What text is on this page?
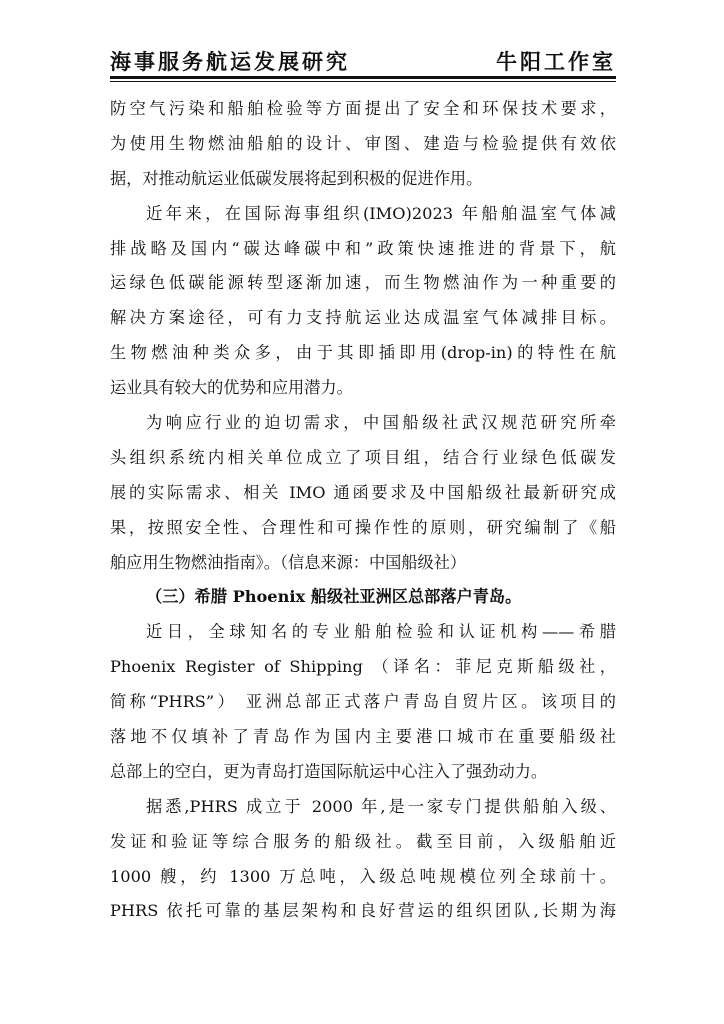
海事服务航运发展研究	牛阳工作室
防空气污染和船舶检验等方面提出了安全和环保技术要求，
为使用生物燃油船舶的设计、审图、建造与检验提供有效依
据，对推动航运业低碳发展将起到积极的促进作用。
近年来，在国际海事组织(IMO)2023 年船舶温室气体减
排战略及国内“碳达峰碳中和”政策快速推进的背景下，航
运绿色低碳能源转型逐渐加速，而生物燃油作为一种重要的
解决方案途径，可有力支持航运业达成温室气体减排目标。
生物燃油种类众多，由于其即插即用(drop-in)的特性在航
运业具有较大的优势和应用潜力。
为响应行业的迫切需求，中国船级社武汉规范研究所牵
头组织系统内相关单位成立了项目组，结合行业绿色低碳发
展的实际需求、相关 IMO 通函要求及中国船级社最新研究成
果，按照安全性、合理性和可操作性的原则，研究编制了《船
舶应用生物燃油指南》。（信息来源：中国船级社）
（三）希腊 Phoenix 船级社亚洲区总部落户青岛。
近日，全球知名的专业船舶检验和认证机构——希腊
Phoenix Register of Shipping （译名：菲尼克斯船级社，
简称“PHRS”） 亚洲总部正式落户青岛自贸片区。该项目的
落地不仅填补了青岛作为国内主要港口城市在重要船级社
总部上的空白，更为青岛打造国际航运中心注入了强劲动力。
据悉,PHRS 成立于 2000 年,是一家专门提供船舶入级、
发证和验证等综合服务的船级社。截至目前，入级船舶近
1000 艘，约 1300 万总吨，入级总吨规模位列全球前十。
PHRS 依托可靠的基层架构和良好营运的组织团队,长期为海
